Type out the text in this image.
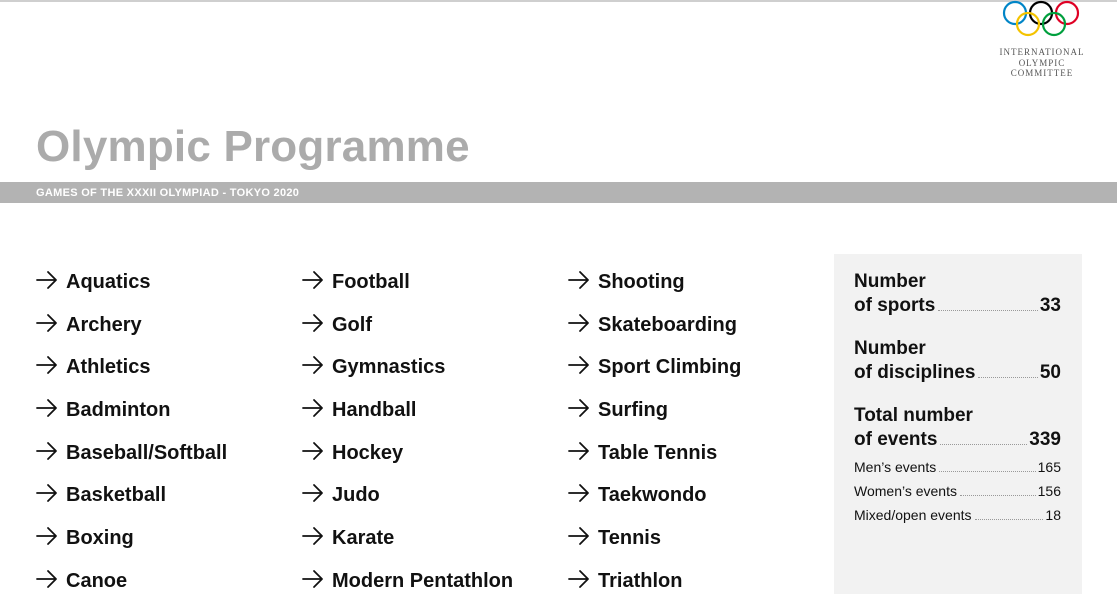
INTERNATIONAL
OLYMPIC
COMMITTEE
Olympic Programme
GAMES OF THE XXXII OLYMPIAD - TOKYO 2020
Aquatics
Archery
Athletics
Badminton
Baseball/Softball
Basketball
Boxing
Canoe
Football
Golf
Gymnastics
Handball
Hockey
Judo
Karate
Modern Pentathlon
Shooting
Skateboarding
Sport Climbing
Surfing
Table Tennis
Taekwondo
Tennis
Triathlon
Number
of sports	33
Number
of disciplines	50
Total number
of events	339
Men’s events	165
Women’s events	156
Mixed/open events	18
